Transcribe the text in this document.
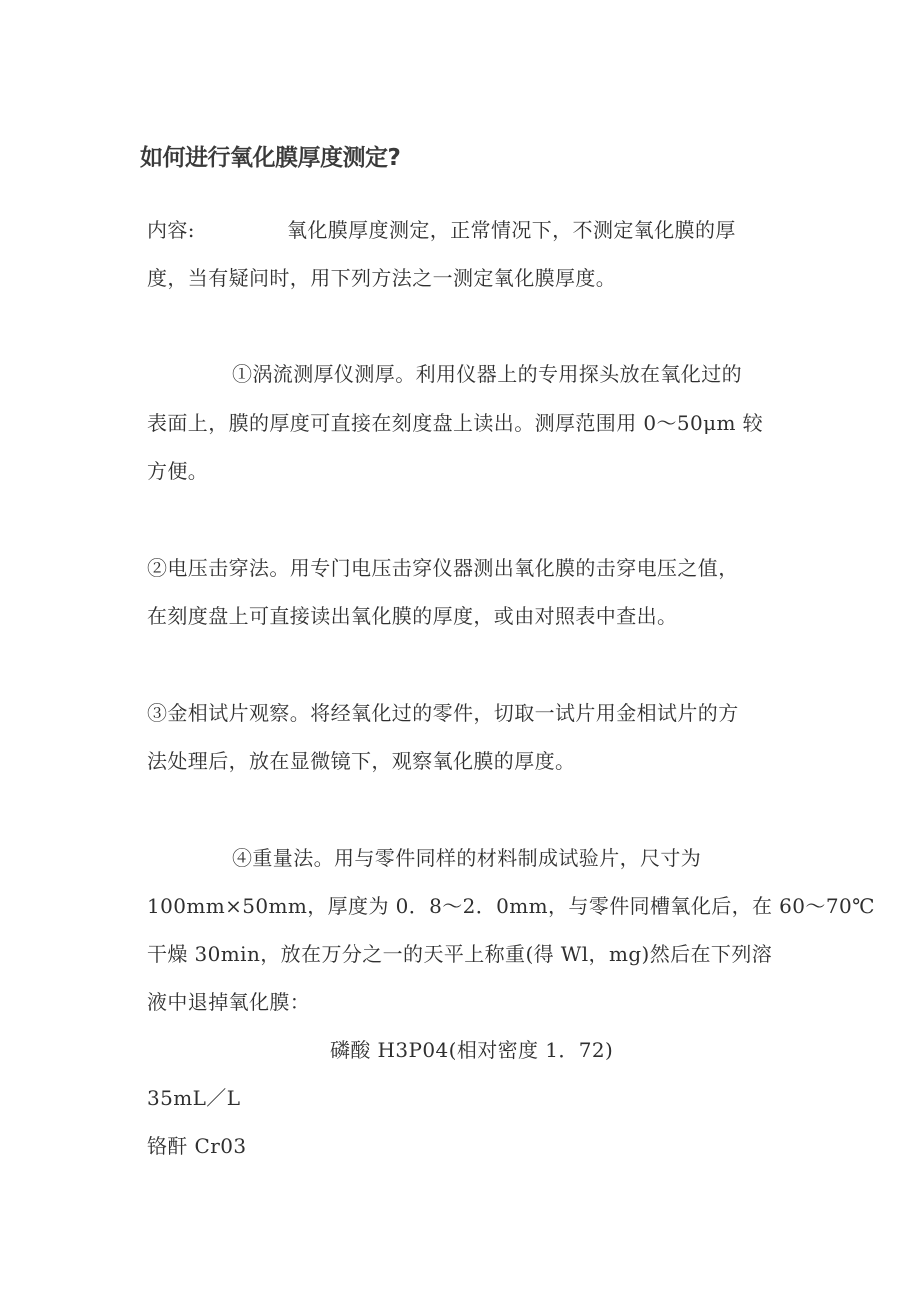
如何进行氧化膜厚度测定?
内容:	氧化膜厚度测定，正常情况下，不测定氧化膜的厚
度，当有疑问时，用下列方法之一测定氧化膜厚度。
①涡流测厚仪测厚。利用仪器上的专用探头放在氧化过的
表面上，膜的厚度可直接在刻度盘上读出。测厚范围用 0～50μm 较
方便。
②电压击穿法。用专门电压击穿仪器测出氧化膜的击穿电压之值，
在刻度盘上可直接读出氧化膜的厚度，或由对照表中查出。
③金相试片观察。将经氧化过的零件，切取一试片用金相试片的方
法处理后，放在显微镜下，观察氧化膜的厚度。
④重量法。用与零件同样的材料制成试验片，尺寸为
100mm×50mm，厚度为 0．8～2．0mm，与零件同槽氧化后，在 60～70℃
干燥 30min，放在万分之一的天平上称重(得 Wl，mg)然后在下列溶
液中退掉氧化膜：
磷酸 H3P04(相对密度 1．72)
35mL／L
铬酐 Cr03
